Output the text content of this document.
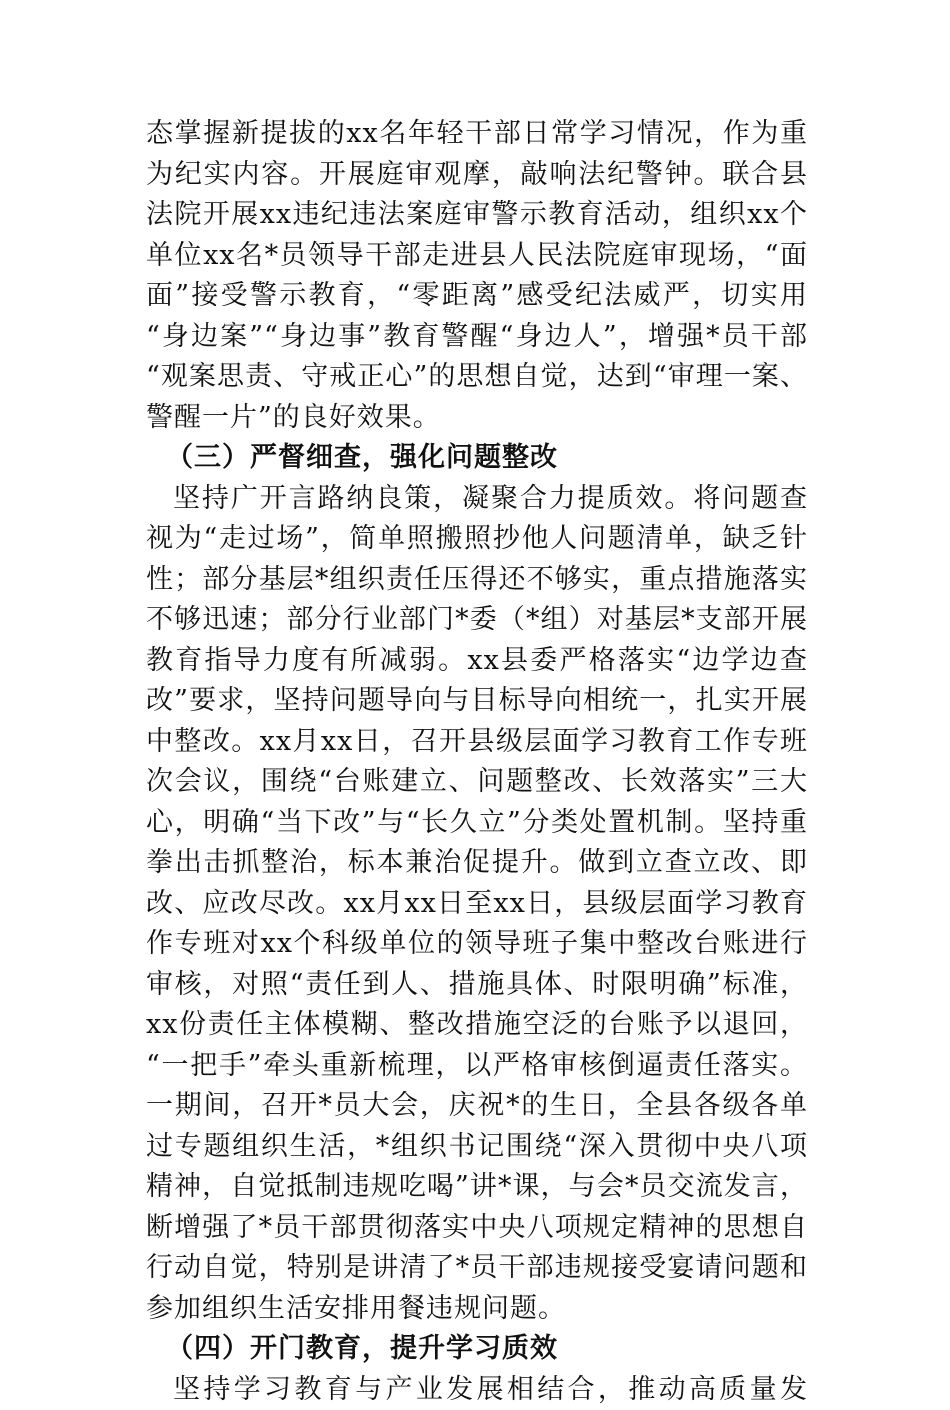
态掌握新提拔的xx名年轻干部日常学习情况，作为重
为纪实内容。开展庭审观摩，敲响法纪警钟。联合县
法院开展xx违纪违法案庭审警示教育活动，组织xx个
单位xx名*员领导干部走进县人民法院庭审现场，“面
面”接受警示教育，“零距离”感受纪法威严，切实用
“身边案”“身边事”教育警醒“身边人”，增强*员干部
“观案思责、守戒正心”的思想自觉，达到“审理一案、
警醒一片”的良好效果。
（三）严督细查，强化问题整改
坚持广开言路纳良策，凝聚合力提质效。将问题查
视为“走过场”，简单照搬照抄他人问题清单，缺乏针
性；部分基层*组织责任压得还不够实，重点措施落实
不够迅速；部分行业部门*委（*组）对基层*支部开展
教育指导力度有所减弱。xx县委严格落实“边学边查
改”要求，坚持问题导向与目标导向相统一，扎实开展
中整改。xx月xx日，召开县级层面学习教育工作专班
次会议，围绕“台账建立、问题整改、长效落实”三大
心，明确“当下改”与“长久立”分类处置机制。坚持重
拳出击抓整治，标本兼治促提升。做到立查立改、即
改、应改尽改。xx月xx日至xx日，县级层面学习教育
作专班对xx个科级单位的领导班子集中整改台账进行
审核，对照“责任到人、措施具体、时限明确”标准，
xx份责任主体模糊、整改措施空泛的台账予以退回，
“一把手”牵头重新梳理，以严格审核倒逼责任落实。
一期间，召开*员大会，庆祝*的生日，全县各级各单
过专题组织生活，*组织书记围绕“深入贯彻中央八项
精神，自觉抵制违规吃喝”讲*课，与会*员交流发言，
断增强了*员干部贯彻落实中央八项规定精神的思想自
行动自觉，特别是讲清了*员干部违规接受宴请问题和
参加组织生活安排用餐违规问题。
（四）开门教育，提升学习质效
坚持学习教育与产业发展相结合，推动高质量发
